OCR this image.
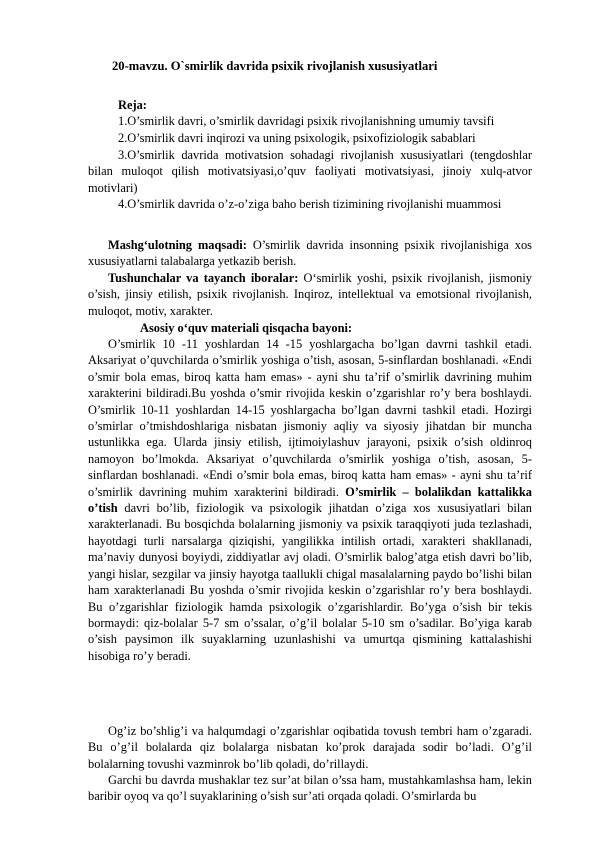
20-mavzu. O`smirlik davrida psixik rivojlanish xususiyatlari
Reja:
1.O’smirlik davri, o’smirlik davridagi psixik rivojlanishning umumiy tavsifi
2.O’smirlik davri inqirozi va uning psixologik, psixofiziologik sabablari
3.O’smirlik davrida motivatsion sohadagi rivojlanish xususiyatlari (tengdoshlar bilan muloqot qilish motivatsiyasi,o’quv faoliyati motivatsiyasi, jinoiy xulq-atvor motivlari)
4.O’smirlik davrida o’z-o’ziga baho berish tizimining rivojlanishi muammosi
Mashg‘ulotning maqsadi: O’smirlik davrida insonning psixik rivojlanishiga xos xususiyatlarni talabalarga yetkazib berish.
Tushunchalar va tayanch iboralar: O‘smirlik yoshi, psixik rivojlanish, jismoniy o’sish, jinsiy etilish, psixik rivojlanish. Inqiroz, intellektual va emotsional rivojlanish, muloqot, motiv, xarakter.
Asosiy o‘quv materiali qisqacha bayoni:
O’smirlik 10 -11 yoshlardan 14 -15 yoshlargacha bo’lgan davrni tashkil etadi. Aksariyat o’quvchilarda o’smirlik yoshiga o’tish, asosan, 5-sinflardan boshlanadi. «Endi o’smir bola emas, biroq katta ham emas» - ayni shu ta’rif o’smirlik davrining muhim xarakterini bildiradi.Bu yoshda o’smir rivojida keskin o’zgarishlar ro’y bera boshlaydi. O’smirlik 10-11 yoshlardan 14-15 yoshlargacha bo’lgan davrni tashkil etadi. Hozirgi o’smirlar o’tmishdoshlariga nisbatan jismoniy aqliy va siyosiy jihatdan bir muncha ustunlikka ega. Ularda jinsiy etilish, ijtimoiylashuv jarayoni, psixik o’sish oldinroq namoyon bo’lmokda. Aksariyat o’quvchilarda o’smirlik yoshiga o’tish, asosan, 5-sinflardan boshlanadi. «Endi o’smir bola emas, biroq katta ham emas» - ayni shu ta’rif o’smirlik davrining muhim xarakterini bildiradi. O’smirlik – bolalikdan kattalikka o’tish davri bo’lib, fiziologik va psixologik jihatdan o’ziga xos xususiyatlari bilan xarakterlanadi. Bu bosqichda bolalarning jismoniy va psixik taraqqiyoti juda tezlashadi, hayotdagi turli narsalarga qiziqishi, yangilikka intilish ortadi, xarakteri shakllanadi, ma’naviy dunyosi boyiydi, ziddiyatlar avj oladi. O’smirlik balog’atga etish davri bo’lib, yangi hislar, sezgilar va jinsiy hayotga taallukli chigal masalalarning paydo bo’lishi bilan ham xarakterlanadi Bu yoshda o’smir rivojida keskin o’zgarishlar ro’y bera boshlaydi. Bu o’zgarishlar fiziologik hamda psixologik o’zgarishlardir. Bo’yga o’sish bir tekis bormaydi: qiz-bolalar 5-7 sm o’ssalar, o’g’il bolalar 5-10 sm o’sadilar. Bo’yiga karab o’sish paysimon ilk suyaklarning uzunlashishi va umurtqa qismining kattalashishi hisobiga ro’y beradi.
Og’iz bo’shlig’i va halqumdagi o’zgarishlar oqibatida tovush tembri ham o’zgaradi. Bu o’g’il bolalarda qiz bolalarga nisbatan ko’prok darajada sodir bo’ladi. O’g’il bolalarning tovushi vazminrok bo’lib qoladi, do’rillaydi.
Garchi bu davrda mushaklar tez sur’at bilan o’ssa ham, mustahkamlashsa ham, lekin baribir oyoq va qo’l suyaklarining o’sish sur’ati orqada qoladi. O’smirlarda bu
